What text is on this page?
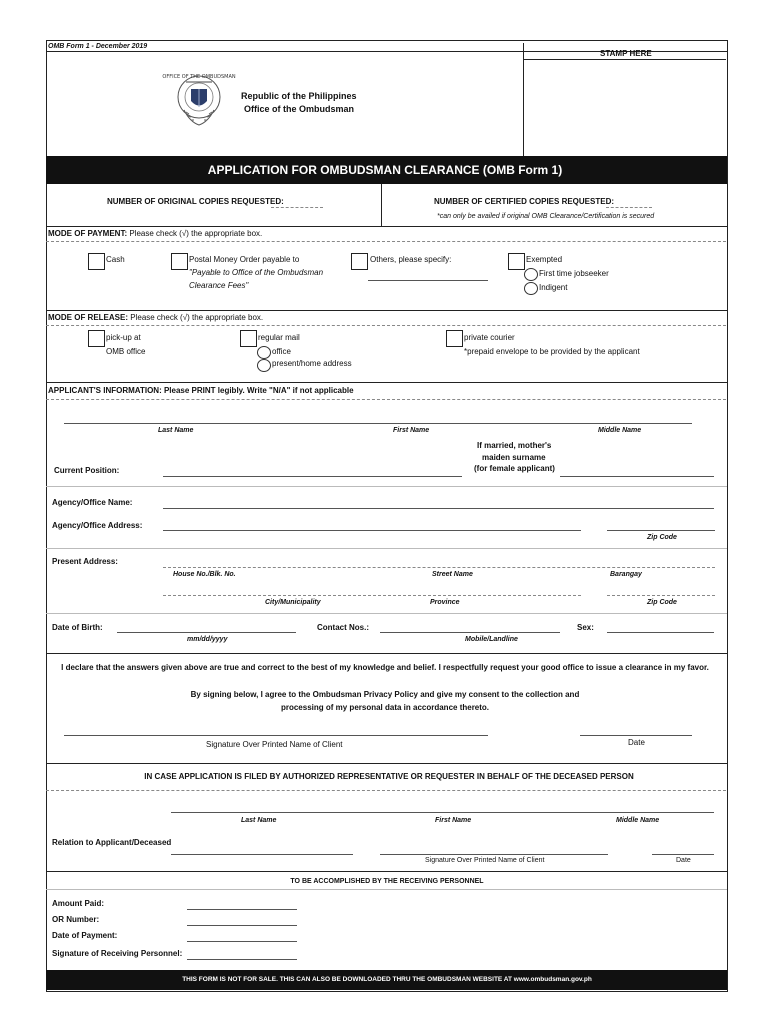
OMB Form 1 - December 2019
STAMP HERE
OFFICE OF THE OMBUDSMAN
Republic of the Philippines
Office of the Ombudsman
APPLICATION FOR OMBUDSMAN CLEARANCE (OMB Form 1)
NUMBER OF ORIGINAL COPIES REQUESTED:	NUMBER OF CERTIFIED COPIES REQUESTED:
*can only be availed if original OMB Clearance/Certification is secured
MODE OF PAYMENT: Please check (√) the appropriate box.
Cash	Postal Money Order payable to
"Payable to Office of the Ombudsman
Clearance Fees"
Others, please specify:	Exempted
First time jobseeker
Indigent
MODE OF RELEASE: Please check (√) the appropriate box.
pick-up at
OMB office
regular mail
office
present/home address
private courier
*prepaid envelope to be provided by the applicant
APPLICANT'S INFORMATION: Please PRINT legibly. Write "N/A" if not applicable
Last Name	First Name	Middle Name
If married, mother's
maiden surname
(for female applicant)
Current Position:
Agency/Office Name:
Agency/Office Address:
Zip Code
Present Address:
House No./Blk. No.	Street Name	Barangay
City/Municipality	Province	Zip Code
Date of Birth:
mm/dd/yyyy
Contact Nos.:
Mobile/Landline
Sex:
I declare that the answers given above are true and correct to the best of my knowledge and belief. I respectfully request your good office to issue a clearance in my favor.
By signing below, I agree to the Ombudsman Privacy Policy and give my consent to the collection and
processing of my personal data in accordance thereto.
Signature Over Printed Name of Client	Date
IN CASE APPLICATION IS FILED BY AUTHORIZED REPRESENTATIVE OR REQUESTER IN BEHALF OF THE DECEASED PERSON
Last Name	First Name	Middle Name
Relation to Applicant/Deceased
Signature Over Printed Name of Client	Date
TO BE ACCOMPLISHED BY THE RECEIVING PERSONNEL
Amount Paid:
OR Number:
Date of Payment:
Signature of Receiving Personnel:
THIS FORM IS NOT FOR SALE. THIS CAN ALSO BE DOWNLOADED THRU THE OMBUDSMAN WEBSITE AT www.ombudsman.gov.ph
